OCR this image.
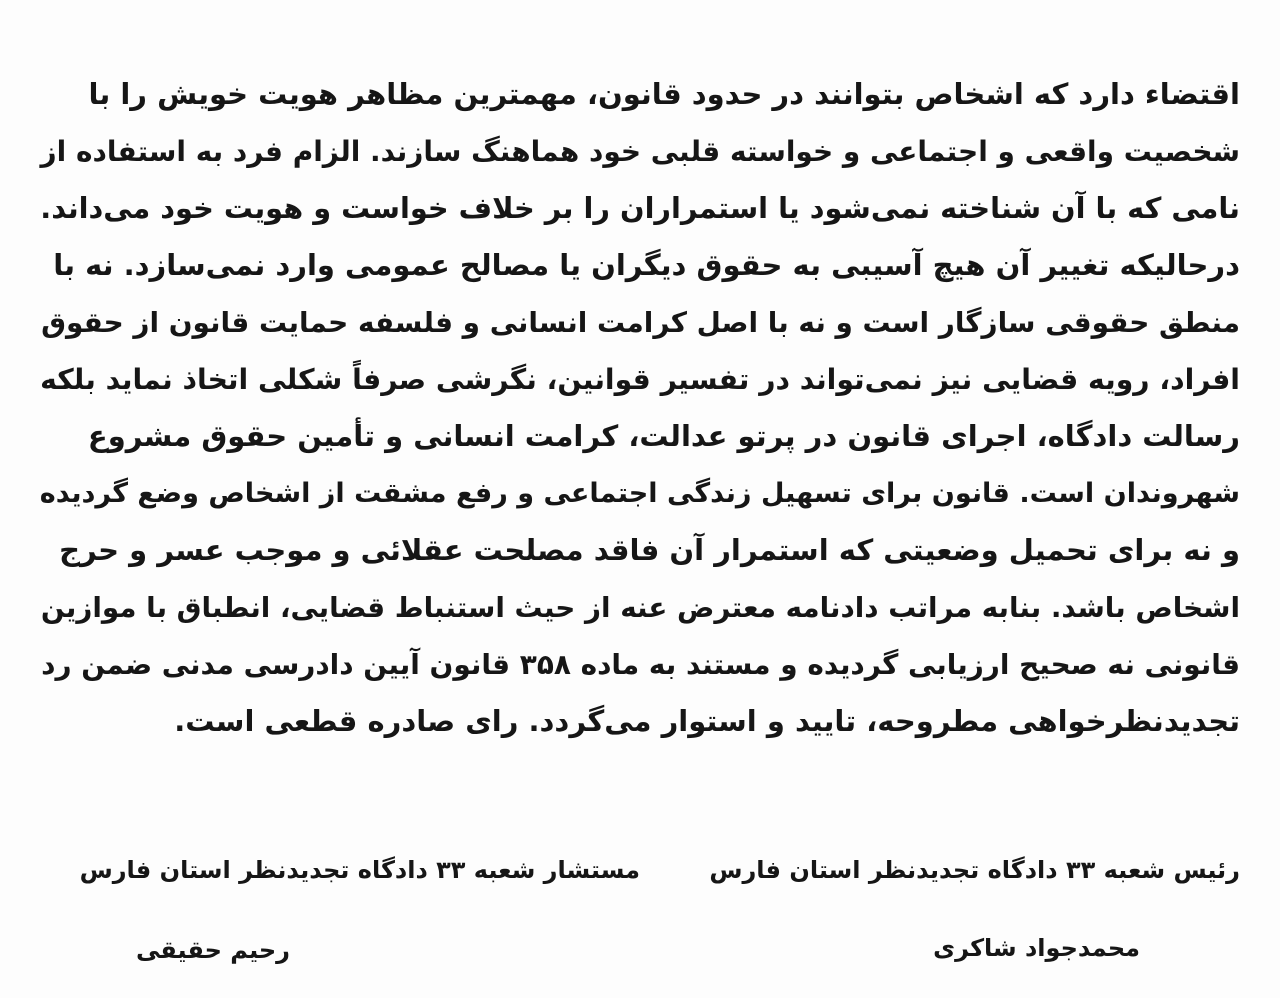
اقتضاء دارد که اشخاص بتوانند در حدود قانون، مهمترین مظاهر هویت خویش را با
شخصیت واقعی و اجتماعی و خواسته قلبی خود هماهنگ سازند. الزام فرد به استفاده از
نامی که با آن شناخته نمی‌شود یا استمراران را بر خلاف خواست و هویت خود می‌داند.
درحالیکه تغییر آن هیچ آسیبی به حقوق دیگران یا مصالح عمومی وارد نمی‌سازد. نه با
منطق حقوقی سازگار است و نه با اصل کرامت انسانی و فلسفه حمایت قانون از حقوق
افراد، رویه قضایی نیز نمی‌تواند در تفسیر قوانین، نگرشی صرفاً شکلی اتخاذ نماید بلکه
رسالت دادگاه، اجرای قانون در پرتو عدالت، کرامت انسانی و تأمین حقوق مشروع
شهروندان است. قانون برای تسهیل زندگی اجتماعی و رفع مشقت از اشخاص وضع گردیده
و نه برای تحمیل وضعیتی که استمرار آن فاقد مصلحت عقلائی و موجب عسر و حرج
اشخاص باشد. بنابه مراتب دادنامه معترض عنه از حیث استنباط قضایی، انطباق با موازین
قانونی نه صحیح ارزیابی گردیده و مستند به ماده ۳۵۸ قانون آیین دادرسی مدنی ضمن رد
تجدیدنظرخواهی مطروحه، تایید و استوار می‌گردد. رای صادره قطعی است.
رئیس شعبه ۳۳ دادگاه تجدیدنظر استان فارس
مستشار شعبه ۳۳ دادگاه تجدیدنظر استان فارس
محمدجواد شاکری
رحیم حقیقی
